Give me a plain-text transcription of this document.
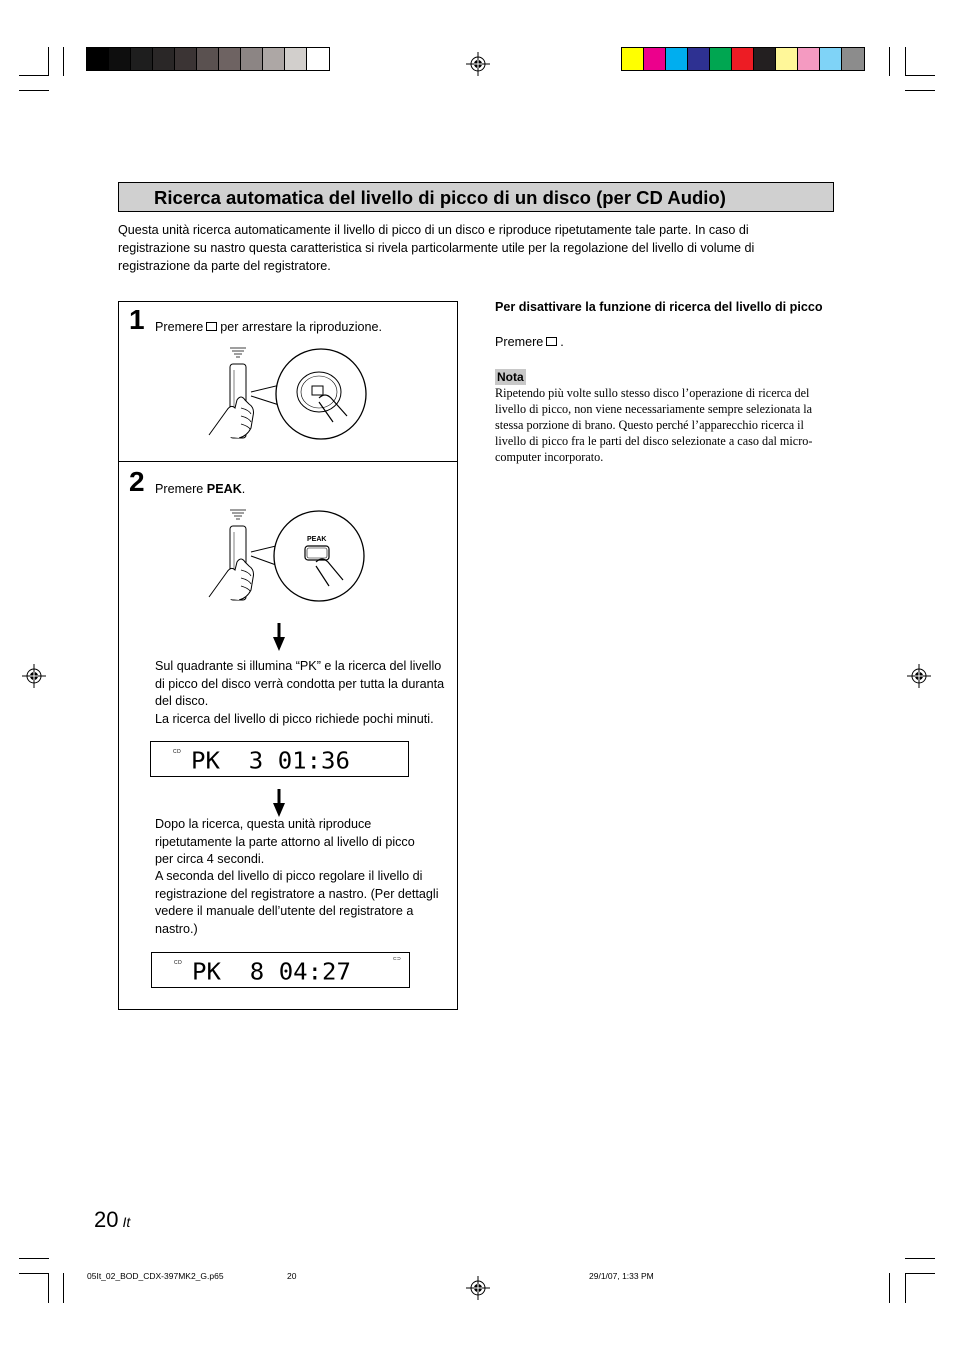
Ricerca automatica del livello di picco di un disco (per CD Audio)
Questa unità ricerca automaticamente il livello di picco di un disco e riproduce ripetutamente tale parte. In caso di registrazione su nastro questa caratteristica si rivela particolarmente utile per la regolazione del livello di volume di registrazione da parte del registratore.
1 Premere per arrestare la riproduzione.
2 Premere PEAK.
PEAK
Sul quadrante si illumina “PK” e la ricerca del livello di picco del disco verrà condotta per tutta la duranta del disco.
La ricerca del livello di picco richiede pochi minuti.
CD PK  3 01:36
Dopo la ricerca, questa unità riproduce ripetutamente la parte attorno al livello di picco per circa 4 secondi.
A seconda del livello di picco regolare il livello di registrazione del registratore a nastro. (Per dettagli vedere il manuale dell’utente del registratore a nastro.)
CD
⊂⊃
PK  8 04:27
Per disattivare la funzione di ricerca del livello di picco
Premere .
Nota
Ripetendo più volte sullo stesso disco l’operazione di ricerca del livello di picco, non viene necessariamente sempre selezionata la stessa porzione di brano. Questo perché l’apparecchio ricerca il livello di picco fra le parti del disco selezionate a caso dal micro-computer incorporato.
20 It
05It_02_BOD_CDX-397MK2_G.p65	20	29/1/07, 1:33 PM
